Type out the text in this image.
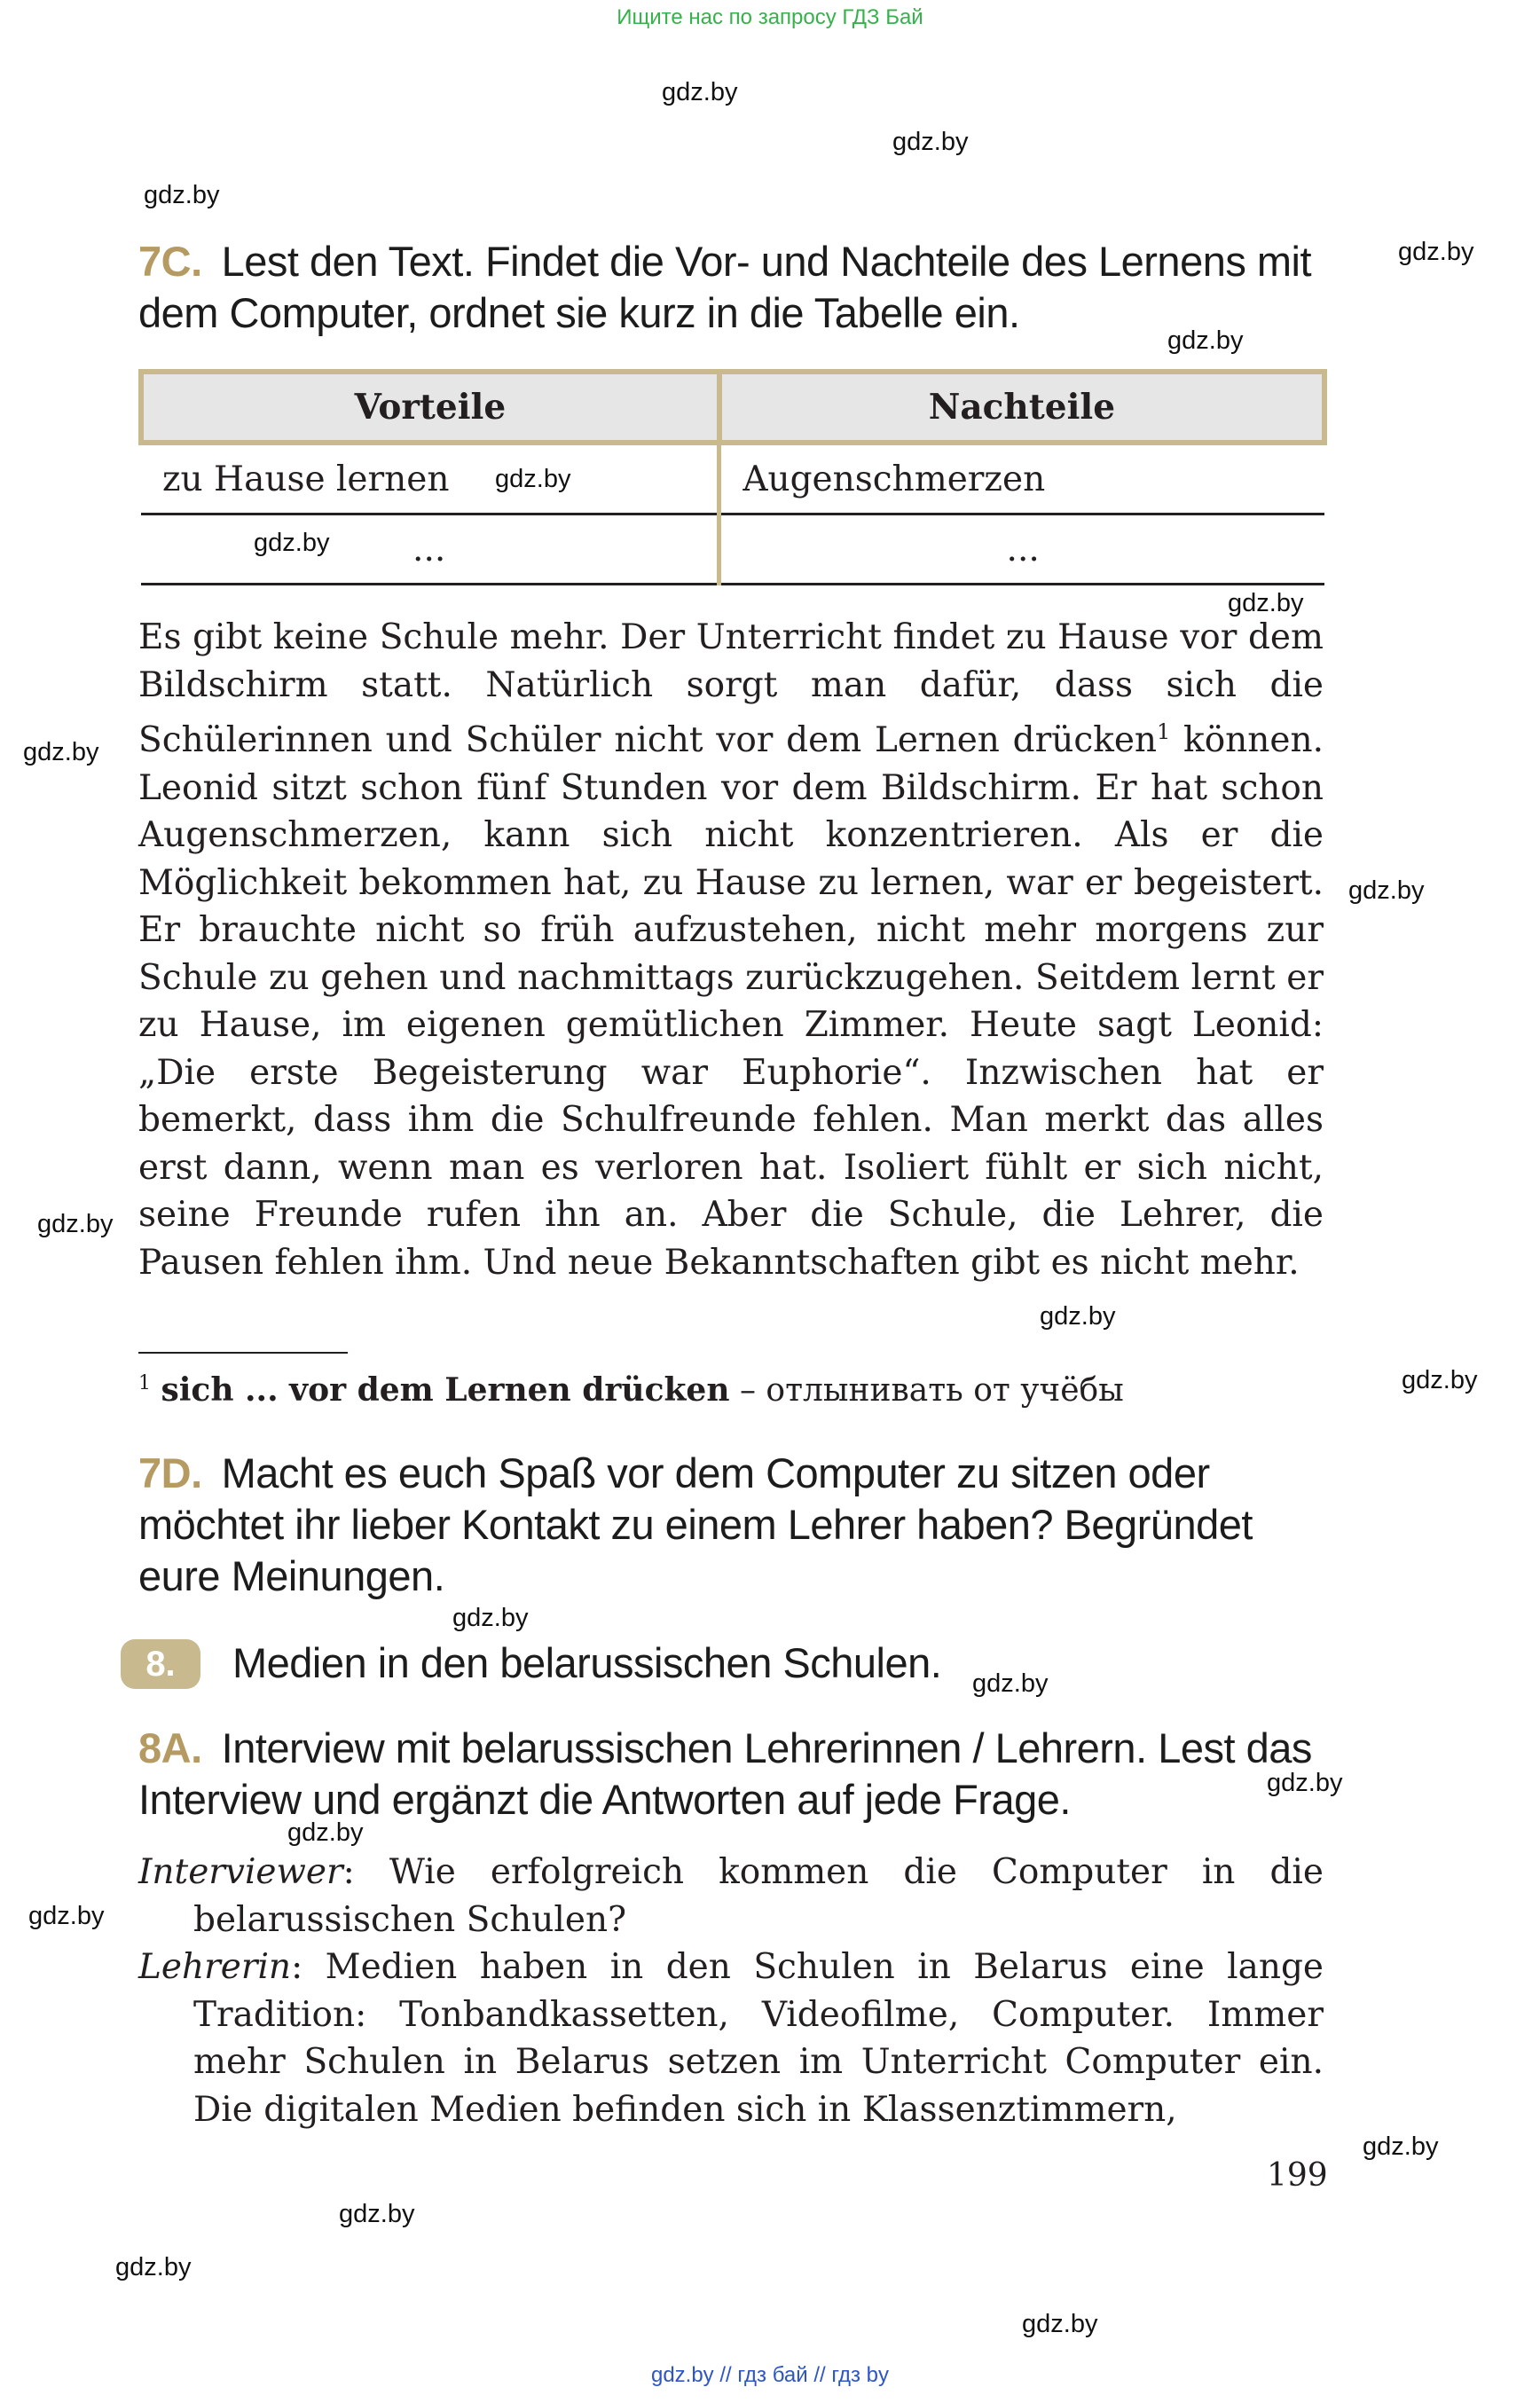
Ищите нас по запросу ГДЗ Бай
gdz.by
gdz.by
gdz.by
gdz.by
gdz.by
gdz.by
gdz.by
gdz.by
gdz.by
gdz.by
gdz.by
gdz.by
gdz.by
gdz.by
gdz.by
gdz.by
gdz.by
gdz.by
gdz.by
gdz.by
gdz.by
gdz.by
7C. Lest den Text. Findet die Vor- und Nachteile des Lernens mit dem Computer, ordnet sie kurz in die Tabelle ein.
Vorteile	Nachteile
zu Hause lernen	Augenschmerzen
...	...
Es gibt keine Schule mehr. Der Unterricht findet zu Hause vor dem Bildschirm statt. Natürlich sorgt man dafür, dass sich die Schülerinnen und Schüler nicht vor dem Lernen drücken$^1$ können. Leonid sitzt schon fünf Stunden vor dem Bildschirm. Er hat schon Augenschmerzen, kann sich nicht konzentrieren. Als er die Möglichkeit bekommen hat, zu Hause zu lernen, war er begeistert. Er brauchte nicht so früh aufzustehen, nicht mehr morgens zur Schule zu gehen und nachmittags zurückzugehen. Seitdem lernt er zu Hause, im eigenen gemütlichen Zimmer. Heute sagt Leonid: „Die erste Begeisterung war Euphorie“. Inzwischen hat er bemerkt, dass ihm die Schulfreunde fehlen. Man merkt das alles erst dann, wenn man es verloren hat. Isoliert fühlt er sich nicht, seine Freunde rufen ihn an. Aber die Schule, die Lehrer, die Pausen fehlen ihm. Und neue Bekanntschaften gibt es nicht mehr.
$^1$ sich ... vor dem Lernen drücken – отлынивать от учёбы
7D. Macht es euch Spaß vor dem Computer zu sitzen oder möchtet ihr lieber Kontakt zu einem Lehrer haben? Begründet eure Meinungen.
8.	Medien in den belarussischen Schulen.
8A. Interview mit belarussischen Lehrerinnen / Lehrern. Lest das Interview und ergänzt die Antworten auf jede Frage.

Interviewer: Wie erfolgreich kommen die Computer in die belarussischen Schulen?

Lehrerin: Medien haben in den Schulen in Belarus eine lange Tradition: Tonbandkassetten, Videofilme, Computer. Immer mehr Schulen in Belarus setzen im Unterricht Computer ein. Die digitalen Medien befinden sich in Klassenztimmern,

199
gdz.by // гдз бай // гдз by
